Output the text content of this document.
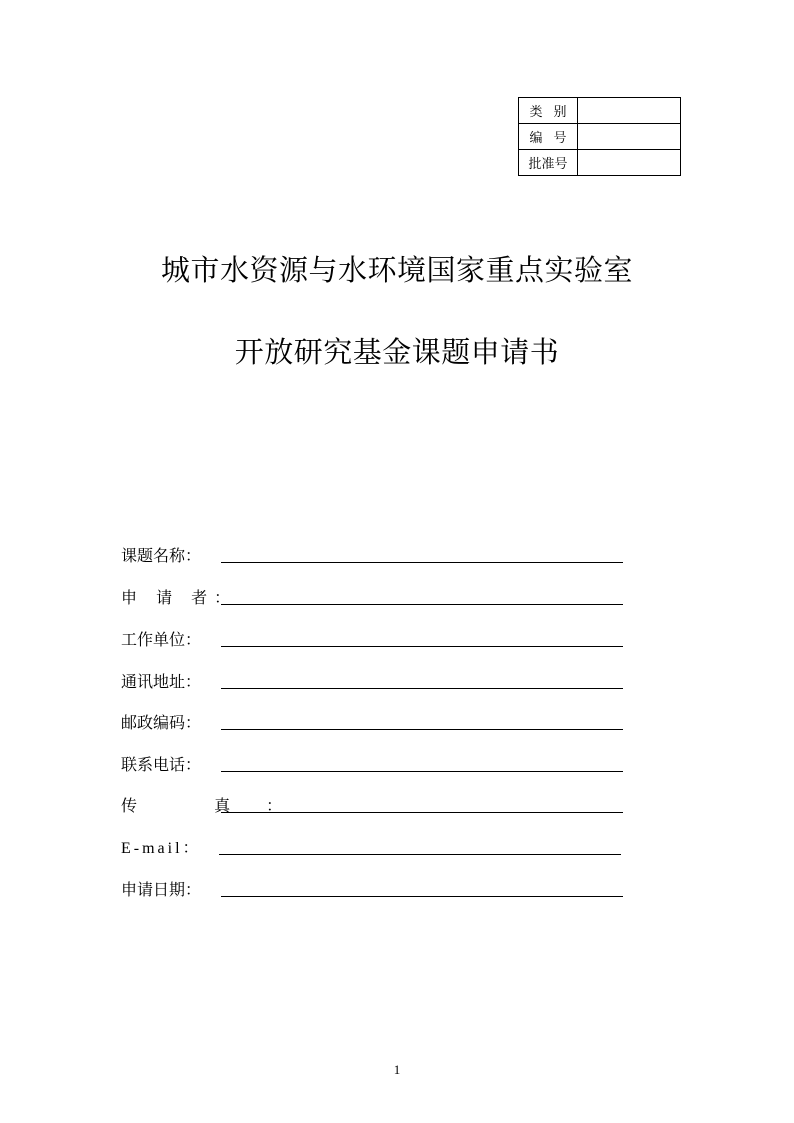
类别	
编号	
批准号	
城市水资源与水环境国家重点实验室
开放研究基金课题申请书
课题名称：
申 请 者：
工作单位：
通讯地址：
邮政编码：
联系电话：
传 真：
E-mail：
申请日期：
1
